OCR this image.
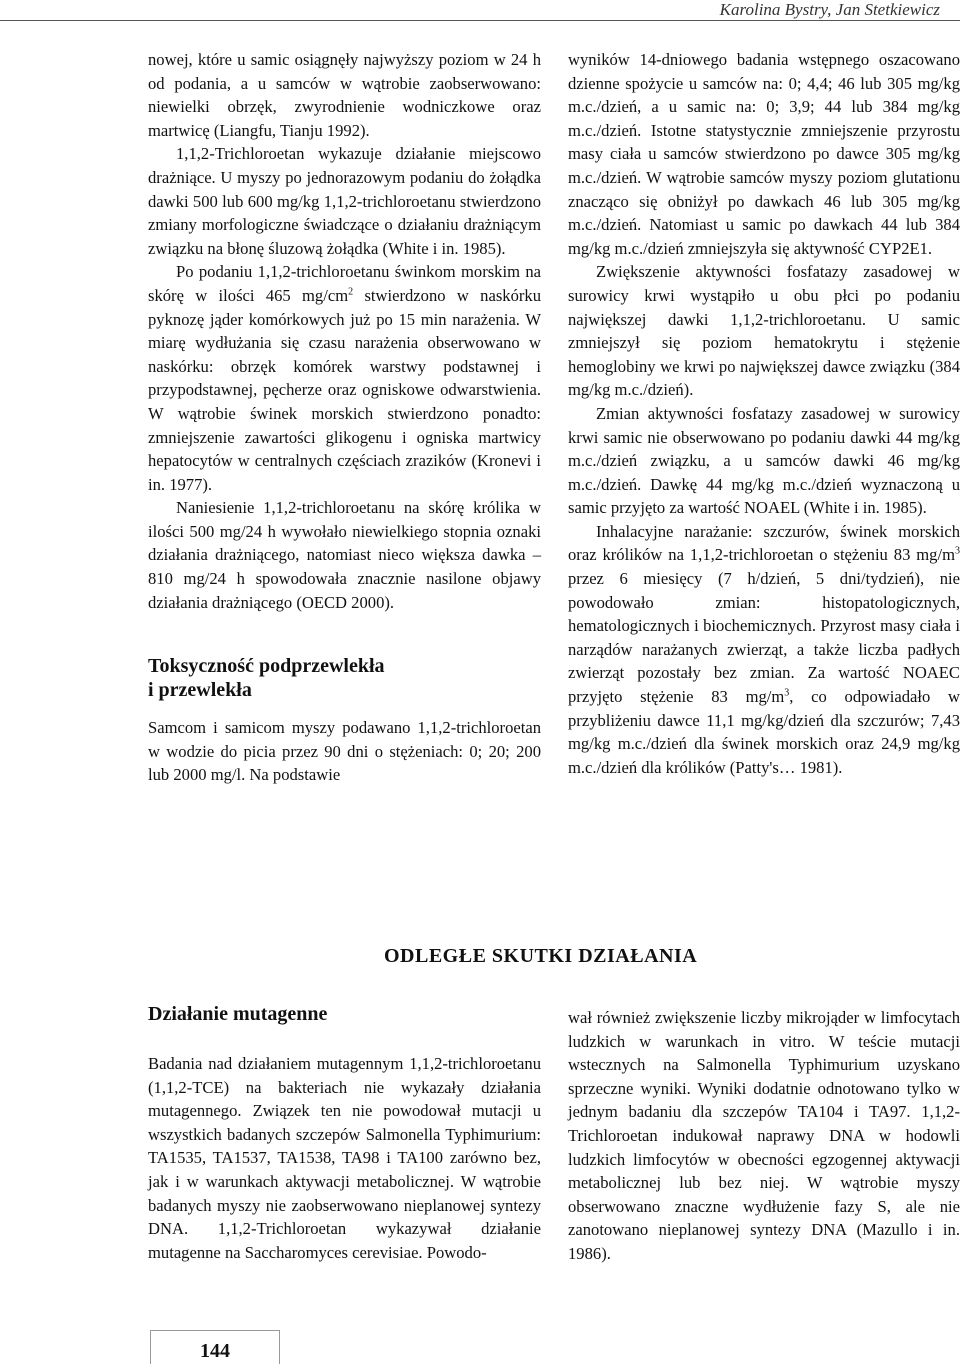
Karolina Bystry, Jan Stetkiewicz

nowej, które u samic osiągnęły najwyższy poziom w 24 h od podania, a u samców w wątrobie zaobserwowano: niewielki obrzęk, zwyrodnienie wodniczkowe oraz martwicę (Liangfu, Tianju 1992).

1,1,2-Trichloroetan wykazuje działanie miejscowo drażniące. U myszy po jednorazowym podaniu do żołądka dawki 500 lub 600 mg/kg 1,1,2-trichloroetanu stwierdzono zmiany morfologiczne świadczące o działaniu drażniącym związku na błonę śluzową żołądka (White i in. 1985).

Po podaniu 1,1,2-trichloroetanu świnkom morskim na skórę w ilości 465 $mg/cm^2$ stwierdzono w naskórku pyknozę jąder komórkowych już po 15 min narażenia. W miarę wydłużania się czasu narażenia obserwowano w naskórku: obrzęk komórek warstwy podstawnej i przypodstawnej, pęcherze oraz ogniskowe odwarstwienia. W wątrobie świnek morskich stwierdzono ponadto: zmniejszenie zawartości glikogenu i ogniska martwicy hepatocytów w centralnych częściach zrazików (Kronevi i in. 1977).

Naniesienie 1,1,2-trichloroetanu na skórę królika w ilości 500 mg/24 h wywołało niewielkiego stopnia oznaki działania drażniącego, natomiast nieco większa dawka – 810 mg/24 h spowodowała znacznie nasilone objawy działania drażniącego (OECD 2000).

Toksyczność podprzewlekła
i przewlekła

Samcom i samicom myszy podawano 1,1,2-trichloroetan w wodzie do picia przez 90 dni o stężeniach: 0; 20; 200 lub 2000 mg/l. Na podstawie

wyników 14-dniowego badania wstępnego oszacowano dzienne spożycie u samców na: 0; 4,4; 46 lub 305 mg/kg m.c./dzień, a u samic na: 0; 3,9; 44 lub 384 mg/kg m.c./dzień. Istotne statystycznie zmniejszenie przyrostu masy ciała u samców stwierdzono po dawce 305 mg/kg m.c./dzień. W wątrobie samców myszy poziom glutationu znacząco się obniżył po dawkach 46 lub 305 mg/kg m.c./dzień. Natomiast u samic po dawkach 44 lub 384 mg/kg m.c./dzień zmniejszyła się aktywność CYP2E1.

Zwiększenie aktywności fosfatazy zasadowej w surowicy krwi wystąpiło u obu płci po podaniu największej dawki 1,1,2-trichloroetanu. U samic zmniejszył się poziom hematokrytu i stężenie hemoglobiny we krwi po największej dawce związku (384 mg/kg m.c./dzień).

Zmian aktywności fosfatazy zasadowej w surowicy krwi samic nie obserwowano po podaniu dawki 44 mg/kg m.c./dzień związku, a u samców dawki 46 mg/kg m.c./dzień. Dawkę 44 mg/kg m.c./dzień wyznaczoną u samic przyjęto za wartość NOAEL (White i in. 1985).

Inhalacyjne narażanie: szczurów, świnek morskich oraz królików na 1,1,2-trichloroetan o stężeniu 83 $mg/m^3$ przez 6 miesięcy (7 h/dzień, 5 dni/tydzień), nie powodowało zmian: histopatologicznych, hematologicznych i biochemicznych. Przyrost masy ciała i narządów narażanych zwierząt, a także liczba padłych zwierząt pozostały bez zmian. Za wartość NOAEC przyjęto stężenie 83 $mg/m^3$, co odpowiadało w przybliżeniu dawce 11,1 mg/kg/dzień dla szczurów; 7,43 mg/kg m.c./dzień dla świnek morskich oraz 24,9 mg/kg m.c./dzień dla królików (Patty's… 1981).

ODLEGŁE SKUTKI DZIAŁANIA
Działanie mutagenne

Badania nad działaniem mutagennym 1,1,2-trichloroetanu (1,1,2-TCE) na bakteriach nie wykazały działania mutagennego. Związek ten nie powodował mutacji u wszystkich badanych szczepów Salmonella Typhimurium: TA1535, TA1537, TA1538, TA98 i TA100 zarówno bez, jak i w warunkach aktywacji metabolicznej. W wątrobie badanych myszy nie zaobserwowano nieplanowej syntezy DNA. 1,1,2-Trichloroetan wykazywał działanie mutagenne na Saccharomyces cerevisiae. Powodo-

wał również zwiększenie liczby mikrojąder w limfocytach ludzkich w warunkach in vitro. W teście mutacji wstecznych na Salmonella Typhimurium uzyskano sprzeczne wyniki. Wyniki dodatnie odnotowano tylko w jednym badaniu dla szczepów TA104 i TA97. 1,1,2-Trichloroetan indukował naprawy DNA w hodowli ludzkich limfocytów w obecności egzogennej aktywacji metabolicznej lub bez niej. W wątrobie myszy obserwowano znaczne wydłużenie fazy S, ale nie zanotowano nieplanowej syntezy DNA (Mazullo i in. 1986).

144
